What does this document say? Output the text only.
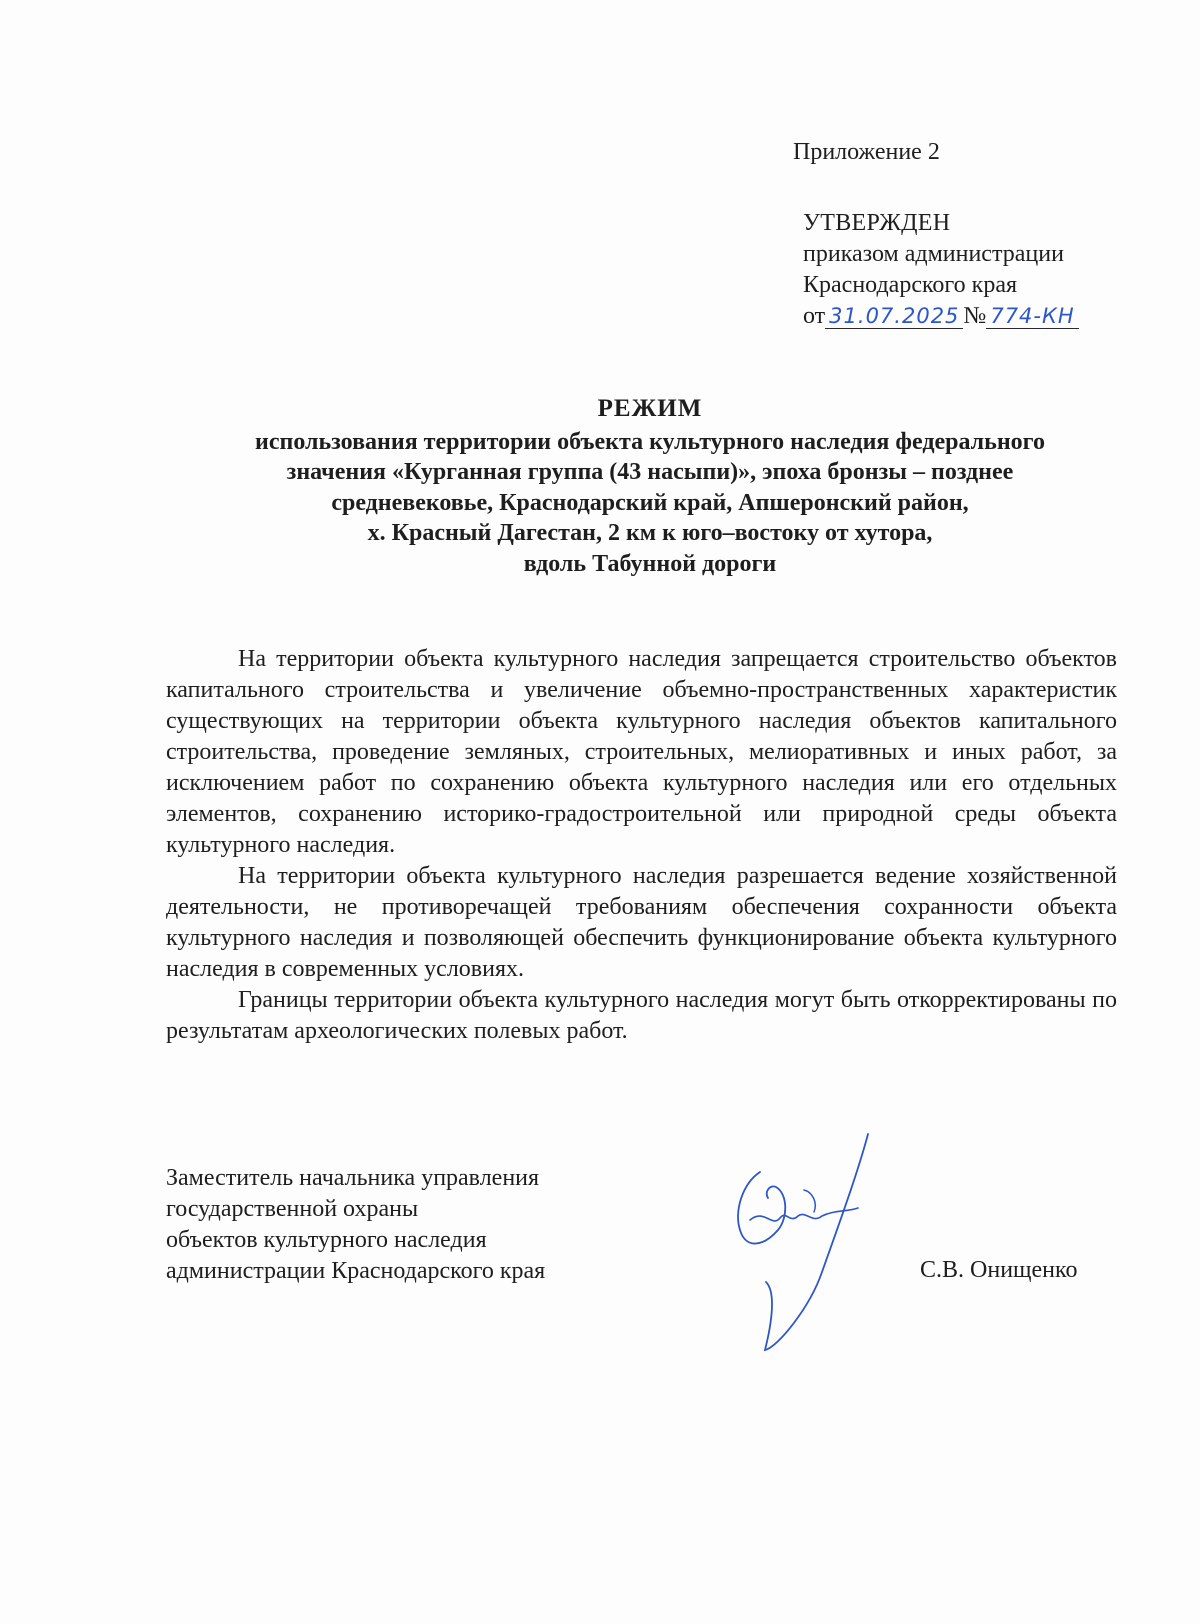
Приложение 2
УТВЕРЖДЕН
приказом администрации
Краснодарского края
от 31.07.2025 № 774-КН
РЕЖИМ
использования территории объекта культурного наследия федерального
значения «Курганная группа (43 насыпи)», эпоха бронзы – позднее
средневековье, Краснодарский край, Апшеронский район,
х. Красный Дагестан, 2 км к юго–востоку от хутора,
вдоль Табунной дороги

На территории объекта культурного наследия запрещается строительство объектов капитального строительства и увеличение объемно-пространственных характеристик существующих на территории объекта культурного наследия объектов капитального строительства, проведение земляных, строительных, мелиоративных и иных работ, за исключением работ по сохранению объекта культурного наследия или его отдельных элементов, сохранению историко-градостроительной или природной среды объекта культурного наследия.

На территории объекта культурного наследия разрешается ведение хозяйственной деятельности, не противоречащей требованиям обеспечения сохранности объекта культурного наследия и позволяющей обеспечить функционирование объекта культурного наследия в современных условиях.

Границы территории объекта культурного наследия могут быть откорректированы по результатам археологических полевых работ.

Заместитель начальника управления
государственной охраны
объектов культурного наследия
администрации Краснодарского края	С.В. Онищенко
